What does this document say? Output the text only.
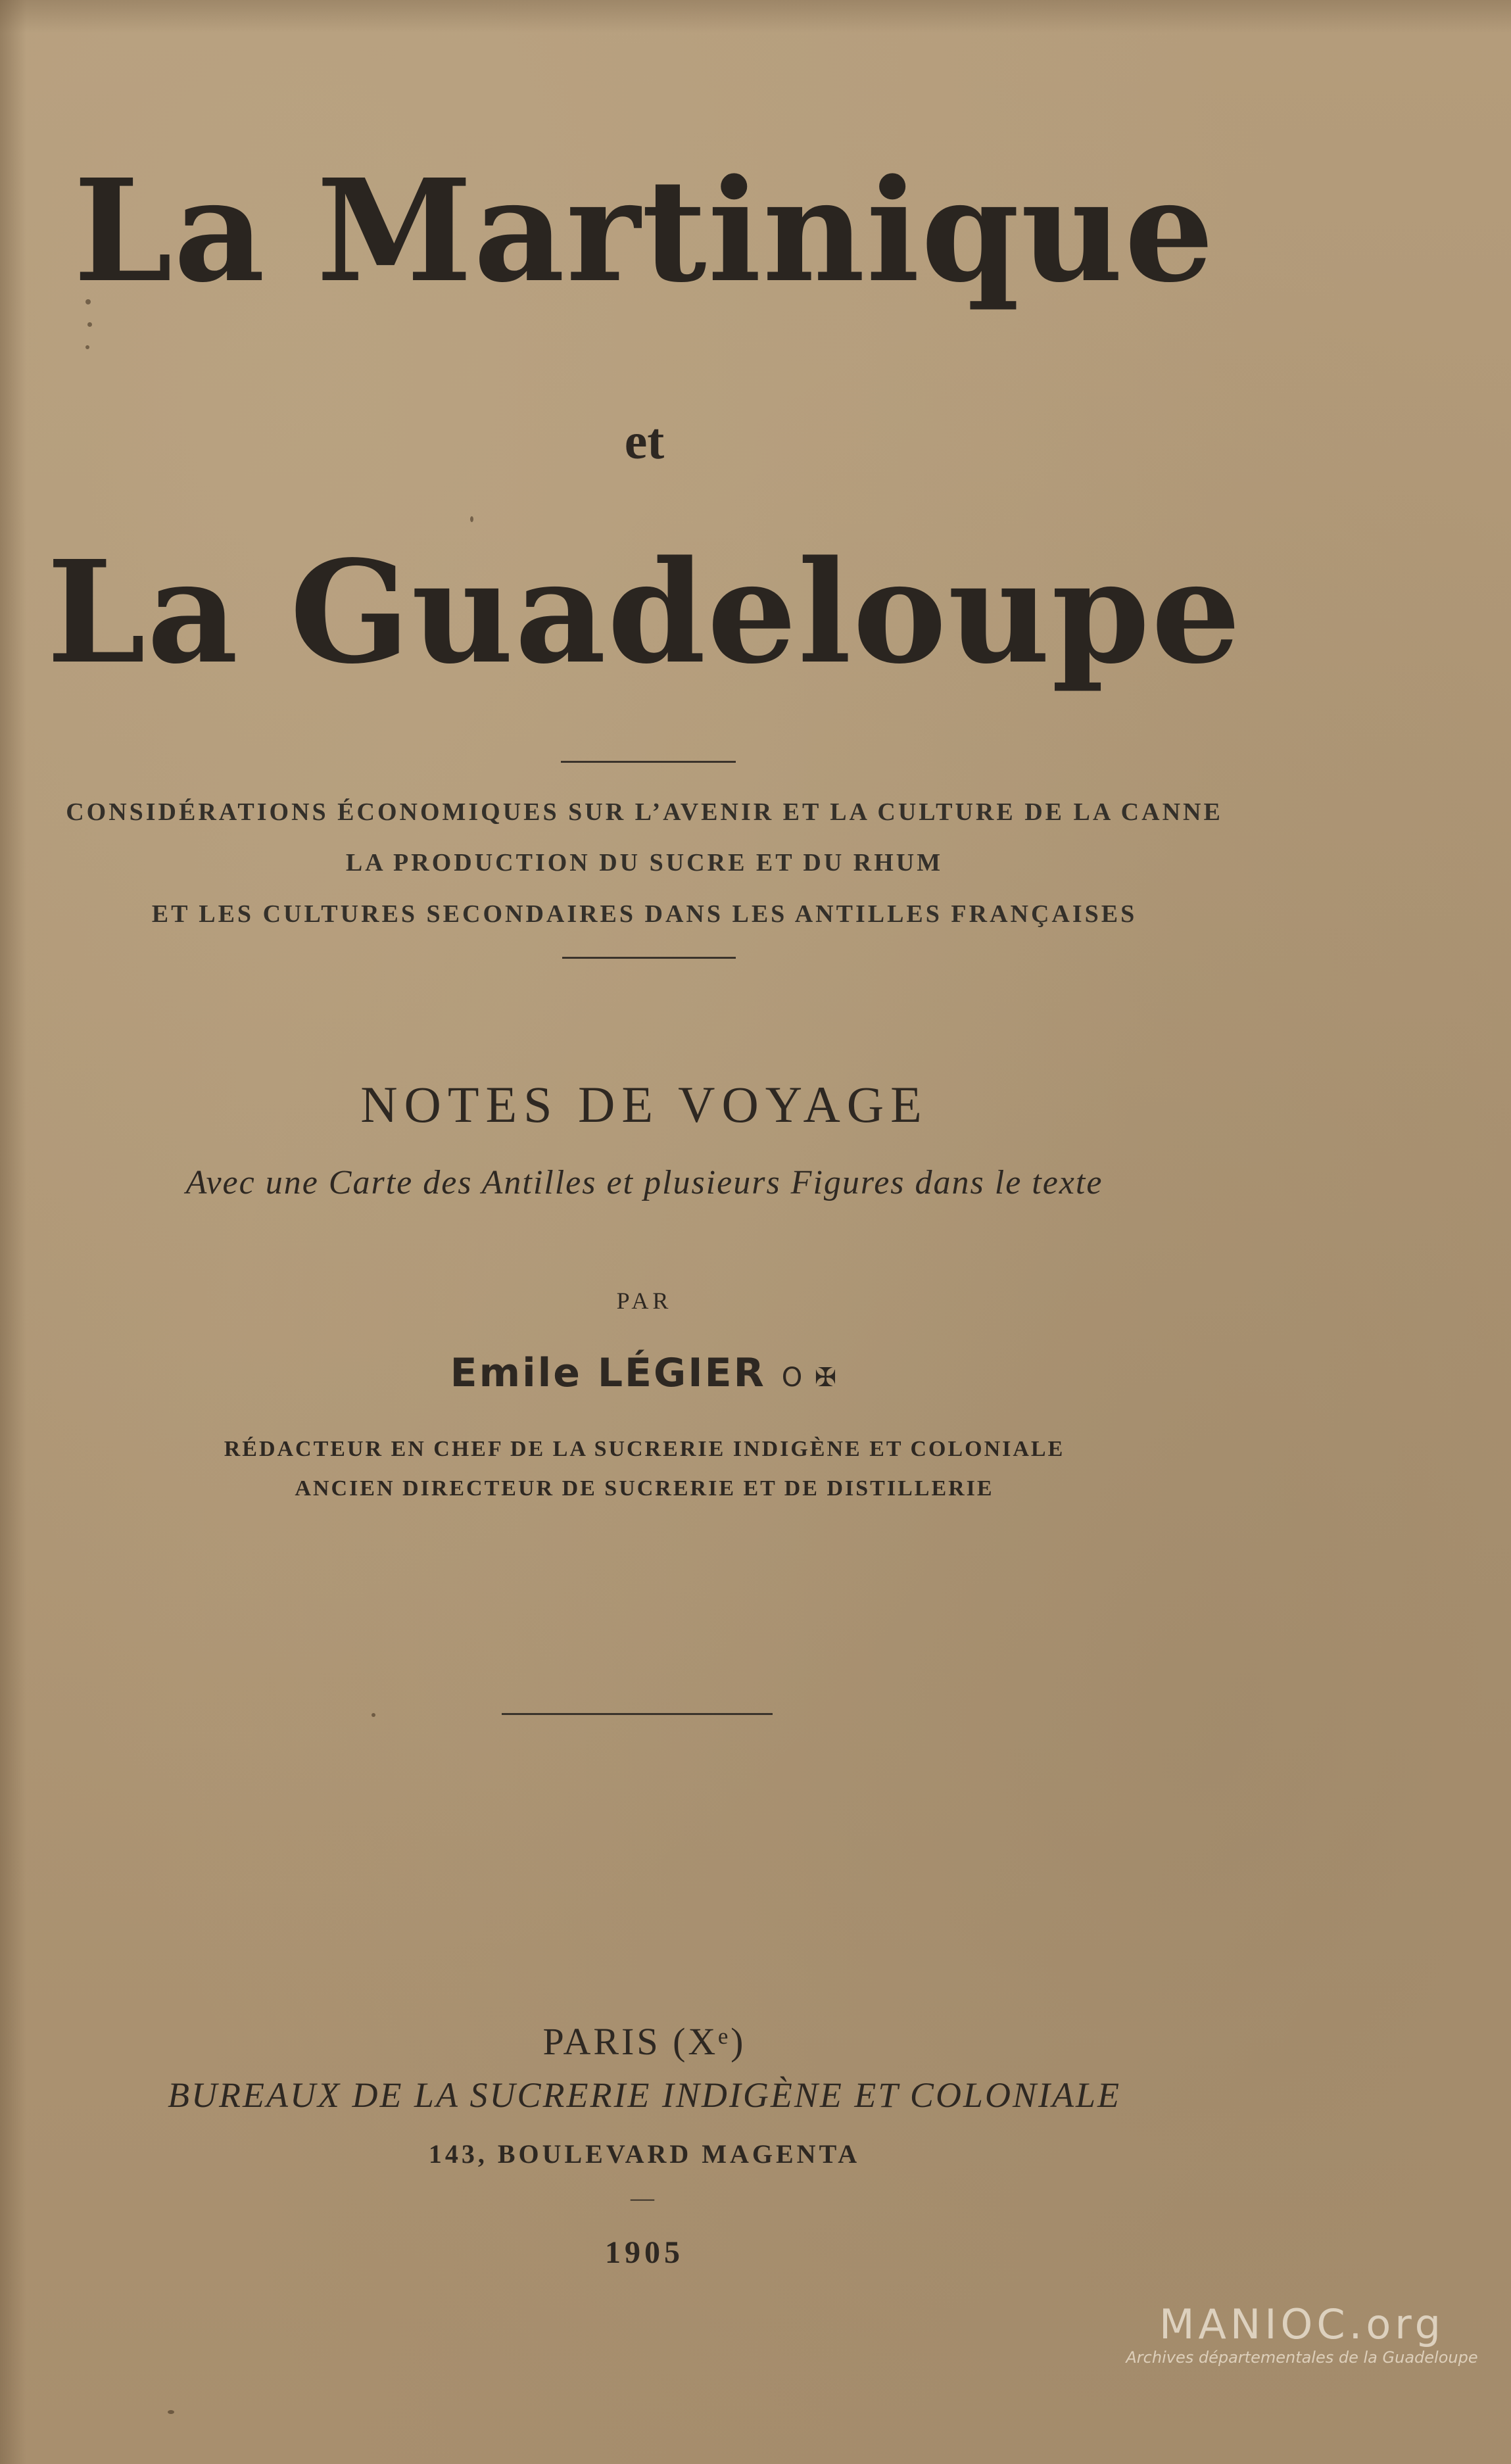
La Martinique
et
La Guadeloupe
CONSIDÉRATIONS ÉCONOMIQUES SUR L’AVENIR ET LA CULTURE DE LA CANNE
LA PRODUCTION DU SUCRE ET DU RHUM
ET LES CULTURES SECONDAIRES DANS LES ANTILLES FRANÇAISES
NOTES DE VOYAGE
Avec une Carte des Antilles et plusieurs Figures dans le texte
PAR
Emile LÉGIER O ✠
RÉDACTEUR EN CHEF DE LA SUCRERIE INDIGÈNE ET COLONIALE
ANCIEN DIRECTEUR DE SUCRERIE ET DE DISTILLERIE
PARIS (Xᵉ)
BUREAUX DE LA SUCRERIE INDIGÈNE ET COLONIALE
143, BOULEVARD MAGENTA
—
1905
MANIOC.org
Archives départementales de la Guadeloupe
